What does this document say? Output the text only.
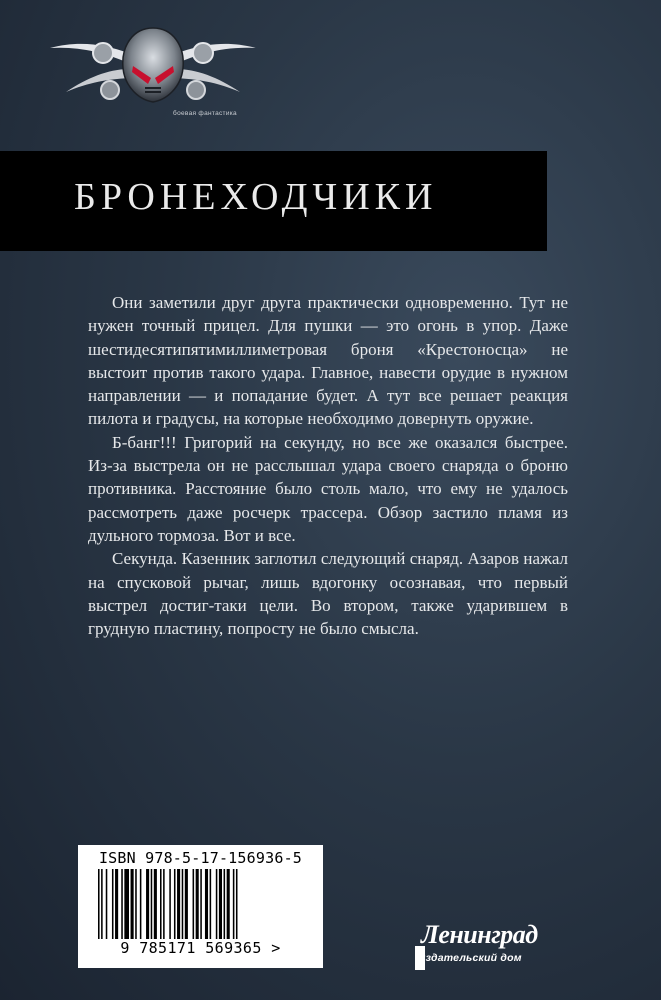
боевая фантастика
БРОНЕХОДЧИКИ

Они заметили друг друга практически одновременно. Тут не нужен точный прицел. Для пушки — это огонь в упор. Даже шестидесятипятимиллиметровая броня «Крестоносца» не выстоит против такого удара. Главное, навести орудие в нужном направлении — и попадание будет. А тут все решает реакция пилота и градусы, на которые необходимо довернуть оружие.

Б-банг!!! Григорий на секунду, но все же оказался быстрее. Из-за выстрела он не расслышал удара своего снаряда о броню противника. Расстояние было столь мало, что ему не удалось рассмотреть даже росчерк трассера. Обзор застило пламя из дульного тормоза. Вот и все.

Секунда. Казенник заглотил следующий снаряд. Азаров нажал на спусковой рычаг, лишь вдогонку осознавая, что первый выстрел достиг-таки цели. Во втором, также ударившем в грудную пластину, попросту не было смысла.

ISBN 978-5-17-156936-5
9 785171 569365 >	Ленинград
издательский дом
